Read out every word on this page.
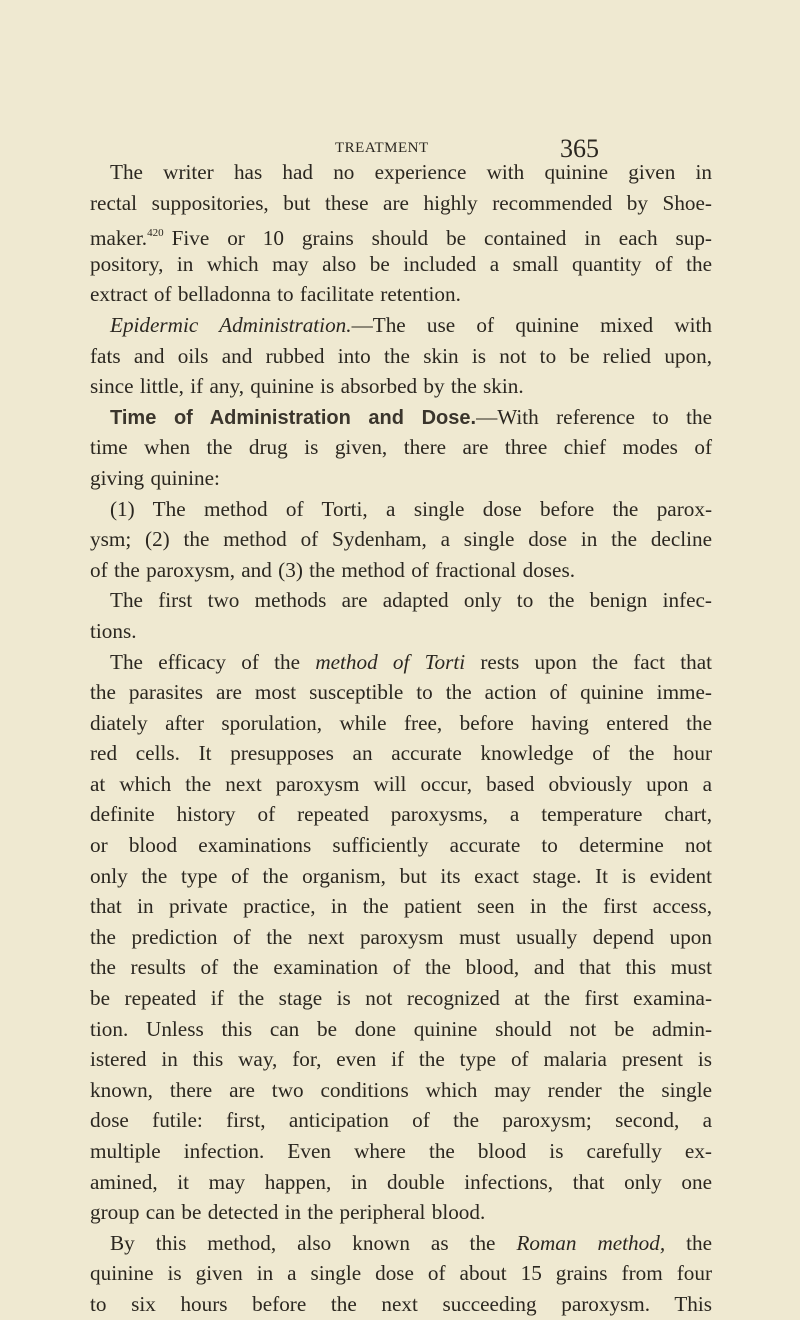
TREATMENT	365
The writer has had no experience with quinine given in
rectal suppositories, but these are highly recommended by Shoe-
maker.$^{420}$ Five or 10 grains should be contained in each sup-
pository, in which may also be included a small quantity of the
extract of belladonna to facilitate retention.
Epidermic Administration.—The use of quinine mixed with
fats and oils and rubbed into the skin is not to be relied upon,
since little, if any, quinine is absorbed by the skin.
Time of Administration and Dose.—With reference to the
time when the drug is given, there are three chief modes of
giving quinine:
(1) The method of Torti, a single dose before the parox-
ysm; (2) the method of Sydenham, a single dose in the decline
of the paroxysm, and (3) the method of fractional doses.
The first two methods are adapted only to the benign infec-
tions.
The efficacy of the method of Torti rests upon the fact that
the parasites are most susceptible to the action of quinine imme-
diately after sporulation, while free, before having entered the
red cells. It presupposes an accurate knowledge of the hour
at which the next paroxysm will occur, based obviously upon a
definite history of repeated paroxysms, a temperature chart,
or blood examinations sufficiently accurate to determine not
only the type of the organism, but its exact stage. It is evident
that in private practice, in the patient seen in the first access,
the prediction of the next paroxysm must usually depend upon
the results of the examination of the blood, and that this must
be repeated if the stage is not recognized at the first examina-
tion. Unless this can be done quinine should not be admin-
istered in this way, for, even if the type of malaria present is
known, there are two conditions which may render the single
dose futile: first, anticipation of the paroxysm; second, a
multiple infection. Even where the blood is carefully ex-
amined, it may happen, in double infections, that only one
group can be detected in the peripheral blood.
By this method, also known as the Roman method, the
quinine is given in a single dose of about 15 grains from four
to six hours before the next succeeding paroxysm. This
